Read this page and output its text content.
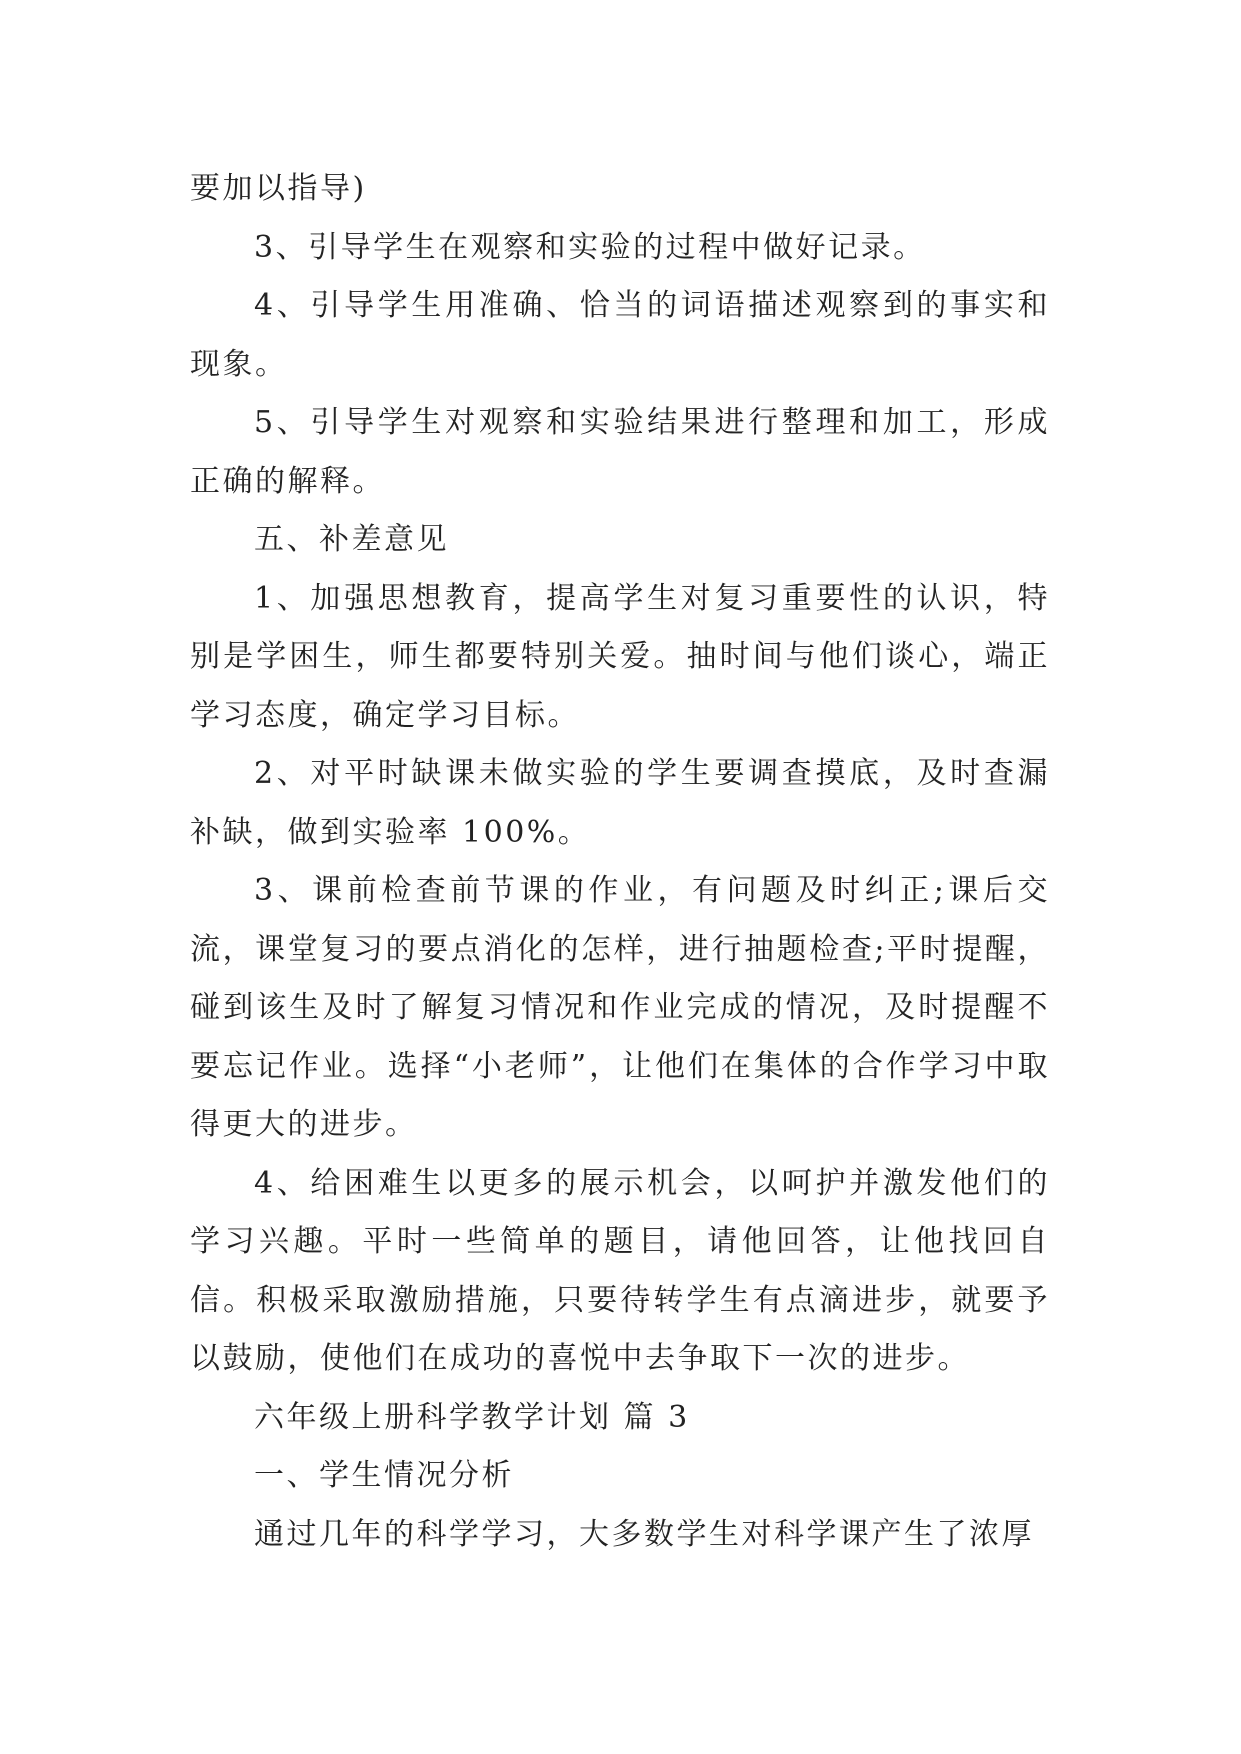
要加以指导)

3、引导学生在观察和实验的过程中做好记录。

4、引导学生用准确、恰当的词语描述观察到的事实和现象。

5、引导学生对观察和实验结果进行整理和加工，形成正确的解释。

五、补差意见

1、加强思想教育，提高学生对复习重要性的认识，特别是学困生，师生都要特别关爱。抽时间与他们谈心，端正学习态度，确定学习目标。

2、对平时缺课未做实验的学生要调查摸底，及时查漏补缺，做到实验率 100%。

3、课前检查前节课的作业，有问题及时纠正;课后交流，课堂复习的要点消化的怎样，进行抽题检查;平时提醒，碰到该生及时了解复习情况和作业完成的情况，及时提醒不要忘记作业。选择“小老师”，让他们在集体的合作学习中取得更大的进步。

4、给困难生以更多的展示机会，以呵护并激发他们的学习兴趣。平时一些简单的题目，请他回答，让他找回自信。积极采取激励措施，只要待转学生有点滴进步，就要予以鼓励，使他们在成功的喜悦中去争取下一次的进步。

六年级上册科学教学计划 篇 3

一、学生情况分析

通过几年的科学学习，大多数学生对科学课产生了浓厚
